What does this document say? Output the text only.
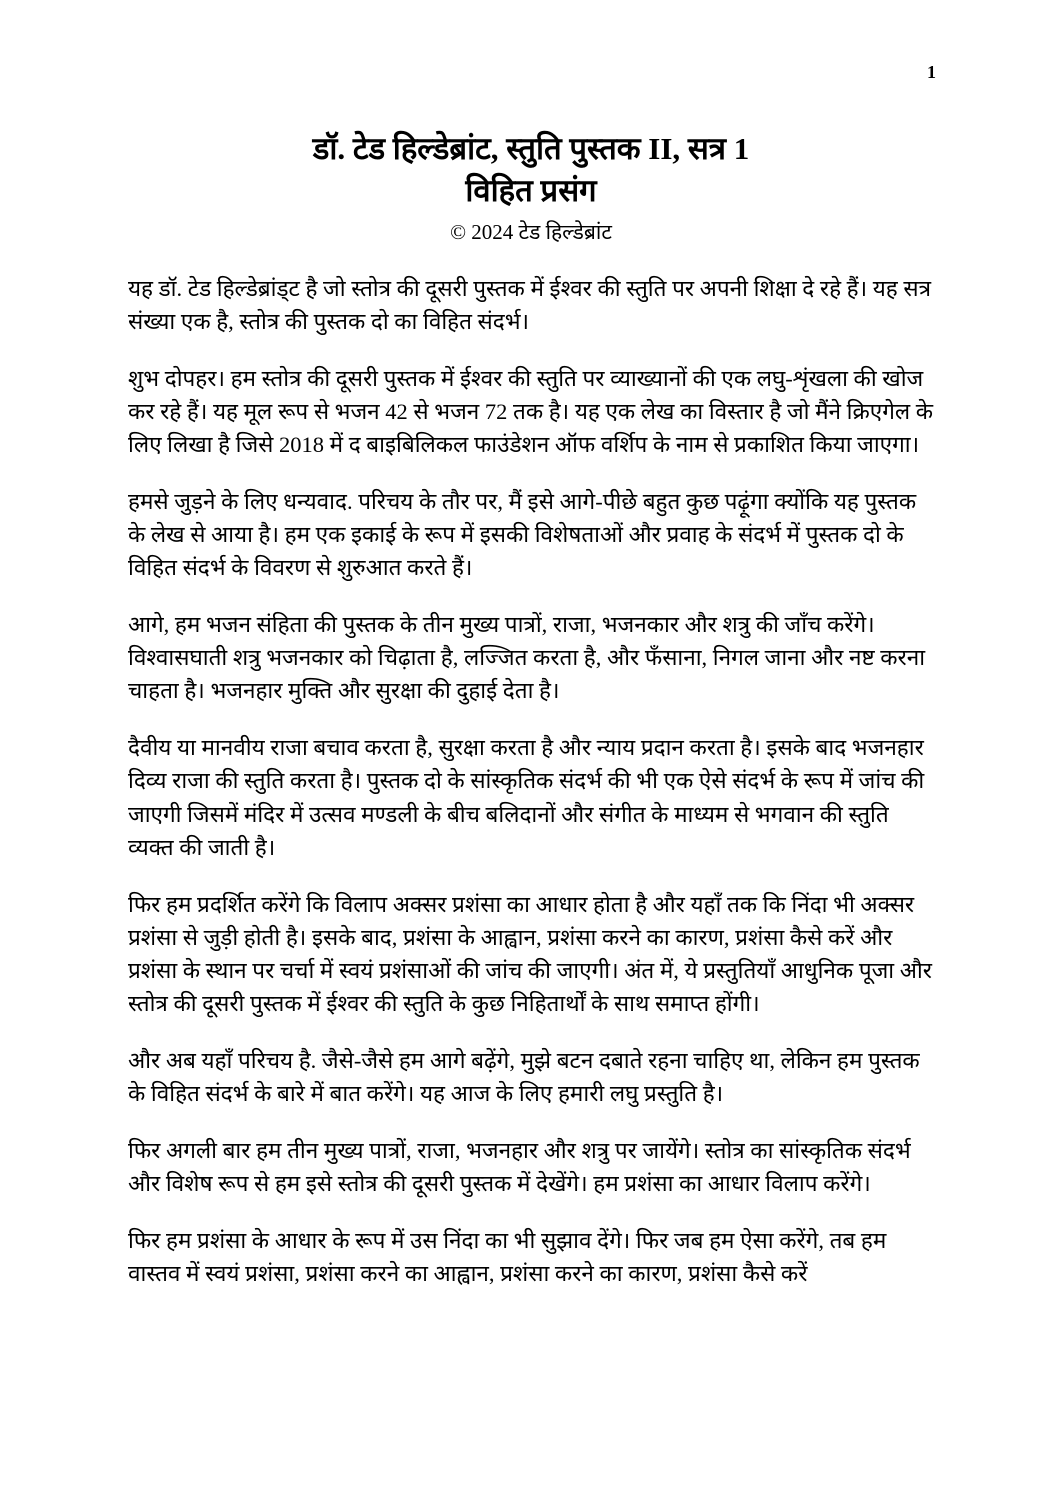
1
डॉ. टेड हिल्डेब्रांट, स्तुति पुस्तक II, सत्र 1
विहित प्रसंग
© 2024 टेड हिल्डेब्रांट

यह डॉ. टेड हिल्डेब्रांड्ट है जो स्तोत्र की दूसरी पुस्तक में ईश्वर की स्तुति पर अपनी शिक्षा दे रहे हैं। यह सत्र संख्या एक है, स्तोत्र की पुस्तक दो का विहित संदर्भ।

शुभ दोपहर। हम स्तोत्र की दूसरी पुस्तक में ईश्वर की स्तुति पर व्याख्यानों की एक लघु-शृंखला की खोज कर रहे हैं। यह मूल रूप से भजन 42 से भजन 72 तक है। यह एक लेख का विस्तार है जो मैंने क्रिएगेल के लिए लिखा है जिसे 2018 में द बाइबिलिकल फाउंडेशन ऑफ वर्शिप के नाम से प्रकाशित किया जाएगा।

हमसे जुड़ने के लिए धन्यवाद. परिचय के तौर पर, मैं इसे आगे-पीछे बहुत कुछ पढ़ूंगा क्योंकि यह पुस्तक के लेख से आया है। हम एक इकाई के रूप में इसकी विशेषताओं और प्रवाह के संदर्भ में पुस्तक दो के विहित संदर्भ के विवरण से शुरुआत करते हैं।

आगे, हम भजन संहिता की पुस्तक के तीन मुख्य पात्रों, राजा, भजनकार और शत्रु की जाँच करेंगे। विश्वासघाती शत्रु भजनकार को चिढ़ाता है, लज्जित करता है, और फँसाना, निगल जाना और नष्ट करना चाहता है। भजनहार मुक्ति और सुरक्षा की दुहाई देता है।

दैवीय या मानवीय राजा बचाव करता है, सुरक्षा करता है और न्याय प्रदान करता है। इसके बाद भजनहार दिव्य राजा की स्तुति करता है। पुस्तक दो के सांस्कृतिक संदर्भ की भी एक ऐसे संदर्भ के रूप में जांच की जाएगी जिसमें मंदिर में उत्सव मण्डली के बीच बलिदानों और संगीत के माध्यम से भगवान की स्तुति व्यक्त की जाती है।

फिर हम प्रदर्शित करेंगे कि विलाप अक्सर प्रशंसा का आधार होता है और यहाँ तक कि निंदा भी अक्सर प्रशंसा से जुड़ी होती है। इसके बाद, प्रशंसा के आह्वान, प्रशंसा करने का कारण, प्रशंसा कैसे करें और प्रशंसा के स्थान पर चर्चा में स्वयं प्रशंसाओं की जांच की जाएगी। अंत में, ये प्रस्तुतियाँ आधुनिक पूजा और स्तोत्र की दूसरी पुस्तक में ईश्वर की स्तुति के कुछ निहितार्थों के साथ समाप्त होंगी।

और अब यहाँ परिचय है. जैसे-जैसे हम आगे बढ़ेंगे, मुझे बटन दबाते रहना चाहिए था, लेकिन हम पुस्तक के विहित संदर्भ के बारे में बात करेंगे। यह आज के लिए हमारी लघु प्रस्तुति है।

फिर अगली बार हम तीन मुख्य पात्रों, राजा, भजनहार और शत्रु पर जायेंगे। स्तोत्र का सांस्कृतिक संदर्भ और विशेष रूप से हम इसे स्तोत्र की दूसरी पुस्तक में देखेंगे। हम प्रशंसा का आधार विलाप करेंगे।

फिर हम प्रशंसा के आधार के रूप में उस निंदा का भी सुझाव देंगे। फिर जब हम ऐसा करेंगे, तब हम वास्तव में स्वयं प्रशंसा, प्रशंसा करने का आह्वान, प्रशंसा करने का कारण, प्रशंसा कैसे करें
